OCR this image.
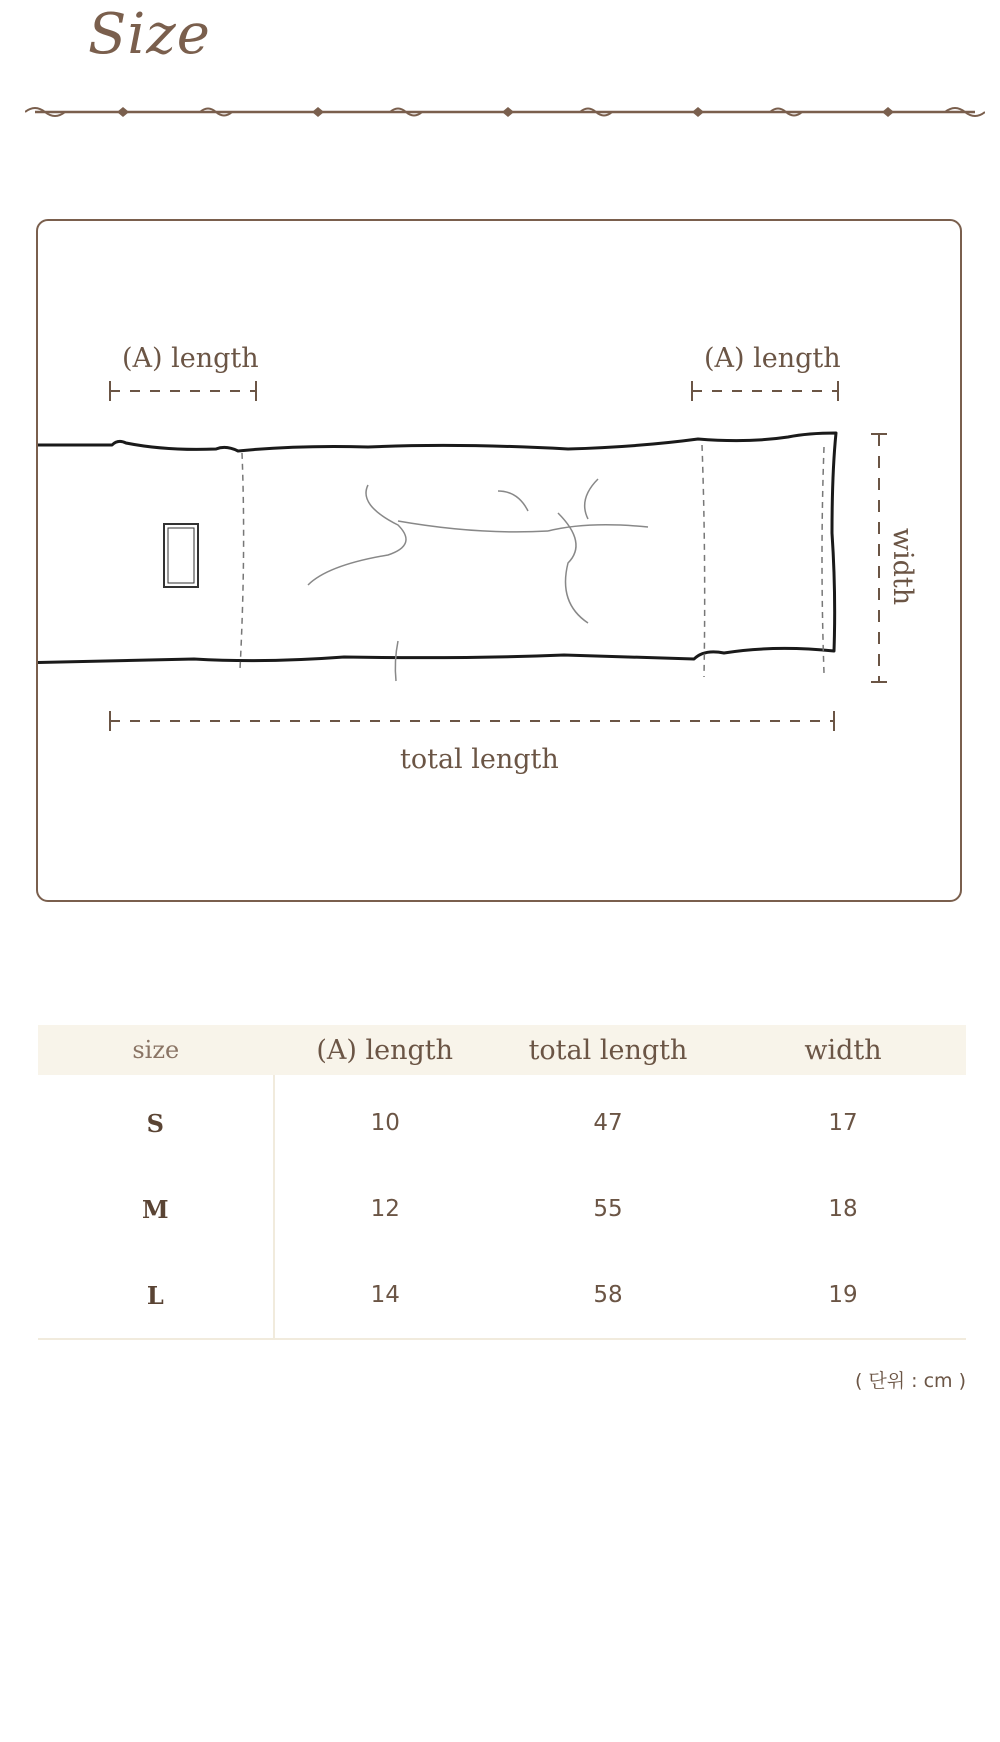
Size
(A) length	(A) length
total length
width
size	(A) length	total length	width
S	10	47	17
M	12	55	18
L	14	58	19
( 단위 : cm )
